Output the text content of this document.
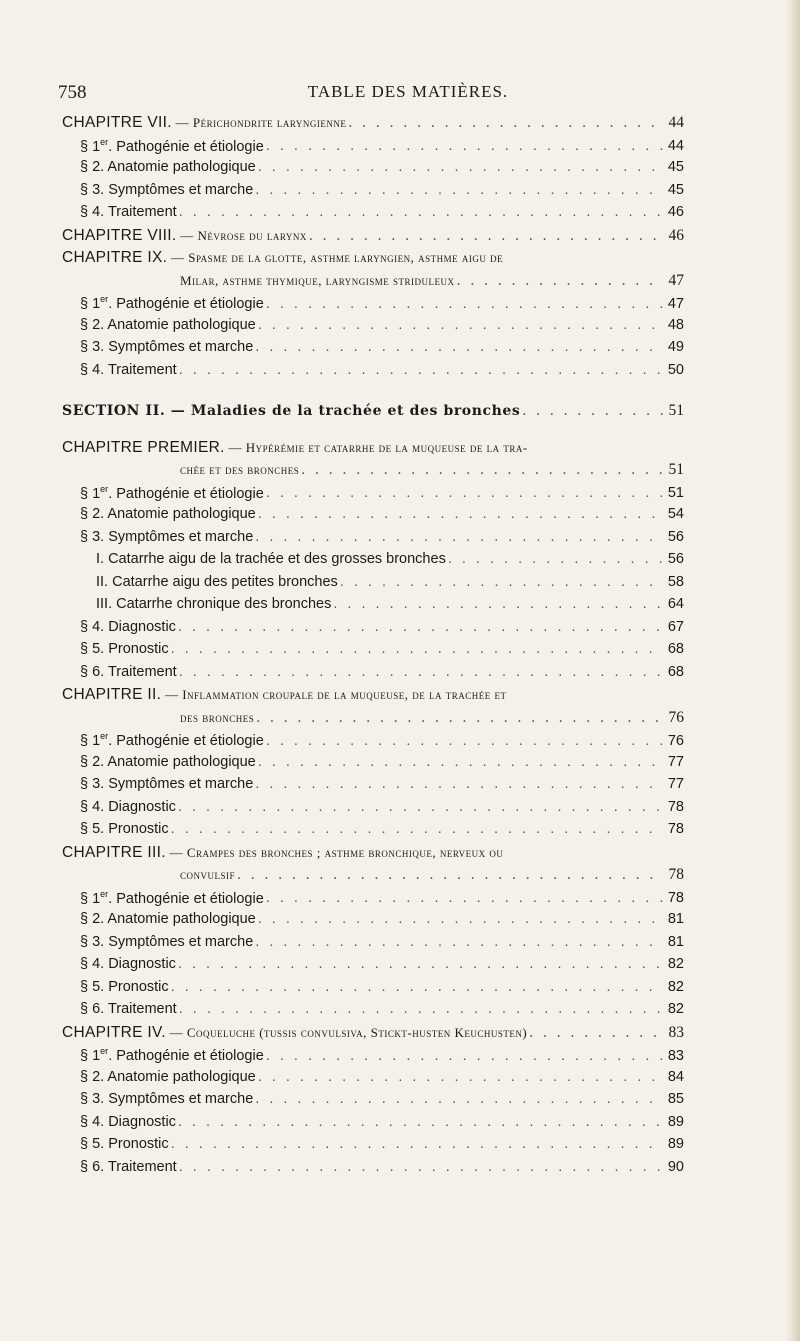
758	TABLE DES MATIÈRES.
CHAPITRE VII. — Périchondrite laryngienne . . .	44
§ 1er. Pathogénie et étiologie . . .	44
§ 2. Anatomie pathologique . . .	45
§ 3. Symptômes et marche . . .	45
§ 4. Traitement . . .	46
CHAPITRE VIII. — Névrose du larynx . . .	46
CHAPITRE IX. — Spasme de la glotte, asthme laryngien, asthme aigu de
Milar, asthme thymique, laryngisme striduleux . . .	47
§ 1er. Pathogénie et étiologie . . .	47
§ 2. Anatomie pathologique . . .	48
§ 3. Symptômes et marche . . .	49
§ 4. Traitement . . .	50
SECTION II. — Maladies de la trachée et des bronches . . .	51
CHAPITRE PREMIER. — Hypérémie et catarrhe de la muqueuse de la tra-
chée et des bronches . . .	51
§ 1er. Pathogénie et étiologie . . .	51
§ 2. Anatomie pathologique . . .	54
§ 3. Symptômes et marche . . .	56
I. Catarrhe aigu de la trachée et des grosses bronches . . .	56
II. Catarrhe aigu des petites bronches . . .	58
III. Catarrhe chronique des bronches . . .	64
§ 4. Diagnostic . . .	67
§ 5. Pronostic . . .	68
§ 6. Traitement . . .	68
CHAPITRE II. — Inflammation croupale de la muqueuse, de la trachée et
des bronches . . .	76
§ 1er. Pathogénie et étiologie . . .	76
§ 2. Anatomie pathologique . . .	77
§ 3. Symptômes et marche . . .	77
§ 4. Diagnostic . . .	78
§ 5. Pronostic . . .	78
CHAPITRE III. — Crampes des bronches ; asthme bronchique, nerveux ou
convulsif . . .	78
§ 1er. Pathogénie et étiologie . . .	78
§ 2. Anatomie pathologique . . .	81
§ 3. Symptômes et marche . . .	81
§ 4. Diagnostic . . .	82
§ 5. Pronostic . . .	82
§ 6. Traitement . . .	82
CHAPITRE IV. — Coqueluche (tussis convulsiva, Stickt-husten Keuchusten) . . .	83
§ 1er. Pathogénie et étiologie . . .	83
§ 2. Anatomie pathologique . . .	84
§ 3. Symptômes et marche . . .	85
§ 4. Diagnostic . . .	89
§ 5. Pronostic . . .	89
§ 6. Traitement . . .	90
